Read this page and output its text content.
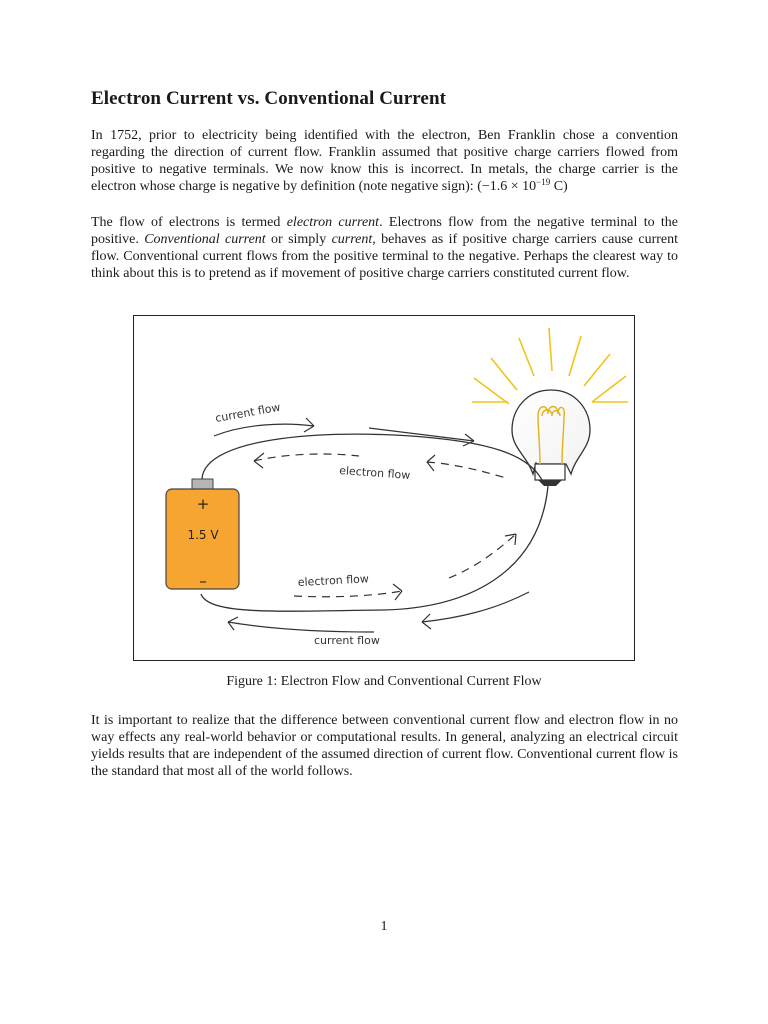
Electron Current vs. Conventional Current

In 1752, prior to electricity being identified with the electron, Ben Franklin chose a convention regarding the direction of current flow. Franklin assumed that positive charge carriers flowed from positive to negative terminals. We now know this is incorrect. In metals, the charge carrier is the electron whose charge is negative by definition (note negative sign): ($-1.6 \times 10^{-19}$ C)

The flow of electrons is termed electron current. Electrons flow from the negative terminal to the positive. Conventional current or simply current, behaves as if positive charge carriers cause current flow. Conventional current flows from the positive terminal to the negative. Perhaps the clearest way to think about this is to pretend as if movement of positive charge carriers constituted current flow.

+
1.5 V
–
current flow
electron flow
electron flow
current flow

Figure 1: Electron Flow and Conventional Current Flow

It is important to realize that the difference between conventional current flow and electron flow in no way effects any real-world behavior or computational results. In general, analyzing an electrical circuit yields results that are independent of the assumed direction of current flow. Conventional current flow is the standard that most all of the world follows.

1
